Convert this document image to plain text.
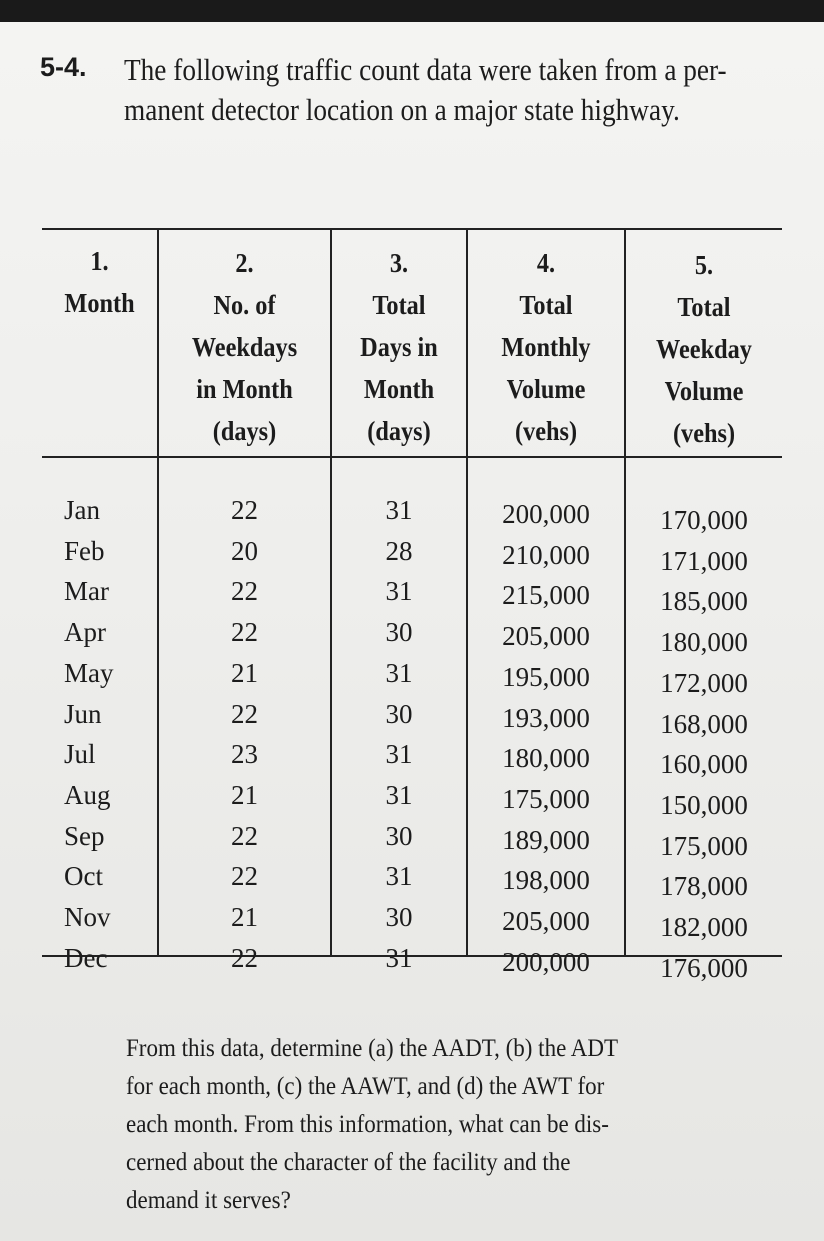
5-4. The following traffic count data were taken from a per-
manent detector location on a major state highway.
1.
Month
2.
No. of
Weekdays
in Month
(days)
3.
Total
Days in
Month
(days)
4.
Total
Monthly
Volume
(vehs)
5.
Total
Weekday
Volume
(vehs)
Jan
Feb
Mar
Apr
May
Jun
Jul
Aug
Sep
Oct
Nov
Dec
22
20
22
22
21
22
23
21
22
22
21
22
31
28
31
30
31
30
31
31
30
31
30
31
200,000
210,000
215,000
205,000
195,000
193,000
180,000
175,000
189,000
198,000
205,000
200,000
170,000
171,000
185,000
180,000
172,000
168,000
160,000
150,000
175,000
178,000
182,000
176,000
From this data, determine (a) the AADT, (b) the ADT
for each month, (c) the AAWT, and (d) the AWT for
each month. From this information, what can be dis-
cerned about the character of the facility and the
demand it serves?
